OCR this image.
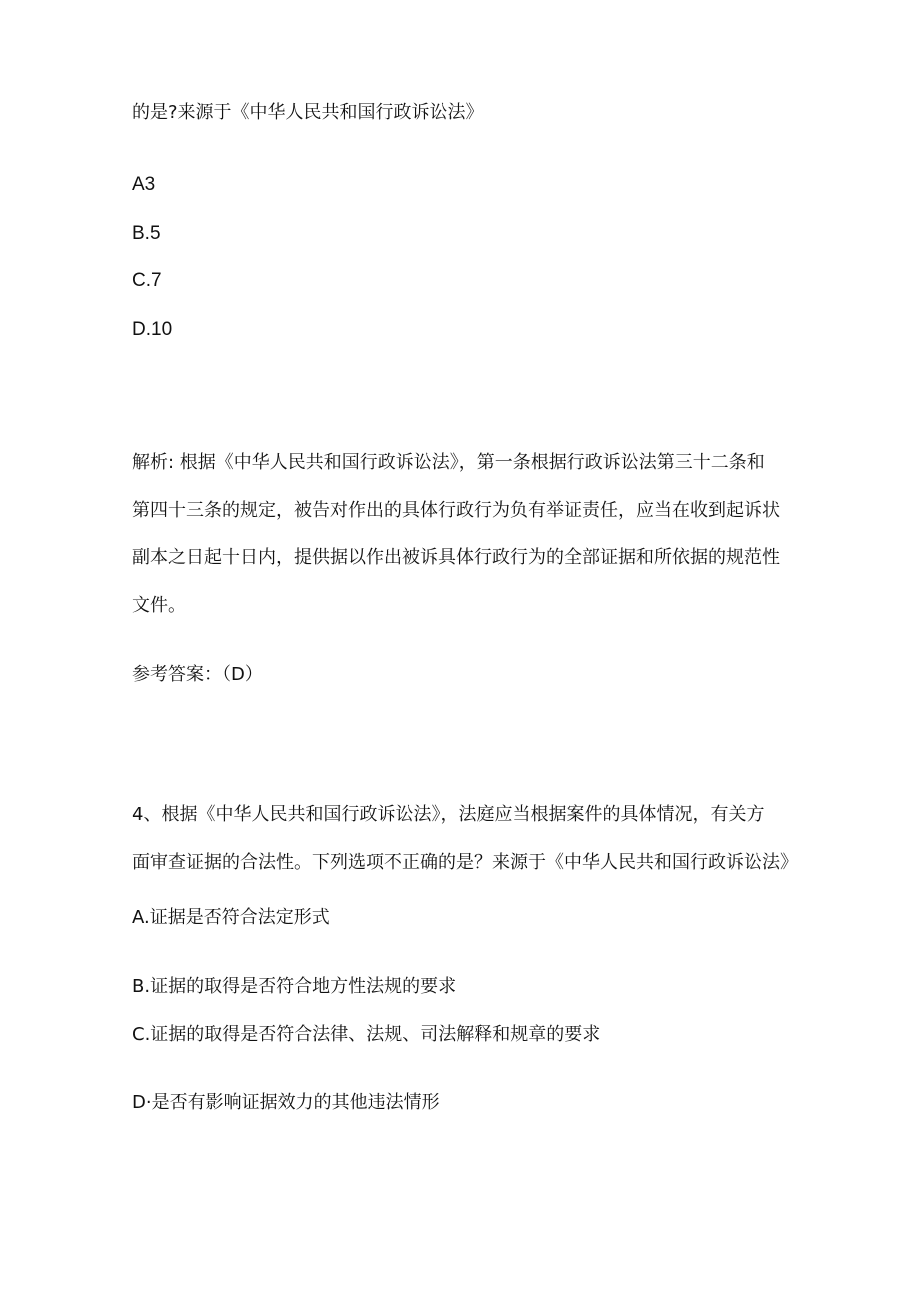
的是?来源于《中华人民共和国行政诉讼法》

A3

B.5

C.7

D.10

解析: 根据《中华人民共和国行政诉讼法》，第一条根据行政诉讼法第三十二条和

第四十三条的规定，被告对作出的具体行政行为负有举证责任，应当在收到起诉状

副本之日起十日内，提供据以作出被诉具体行政行为的全部证据和所依据的规范性

文件。

参考答案：（D）

4、根据《中华人民共和国行政诉讼法》，法庭应当根据案件的具体情况，有关方

面审查证据的合法性。下列选项不正确的是？来源于《中华人民共和国行政诉讼法》

A.证据是否符合法定形式

B.证据的取得是否符合地方性法规的要求

C.证据的取得是否符合法律、法规、司法解释和规章的要求

D·是否有影响证据效力的其他违法情形
